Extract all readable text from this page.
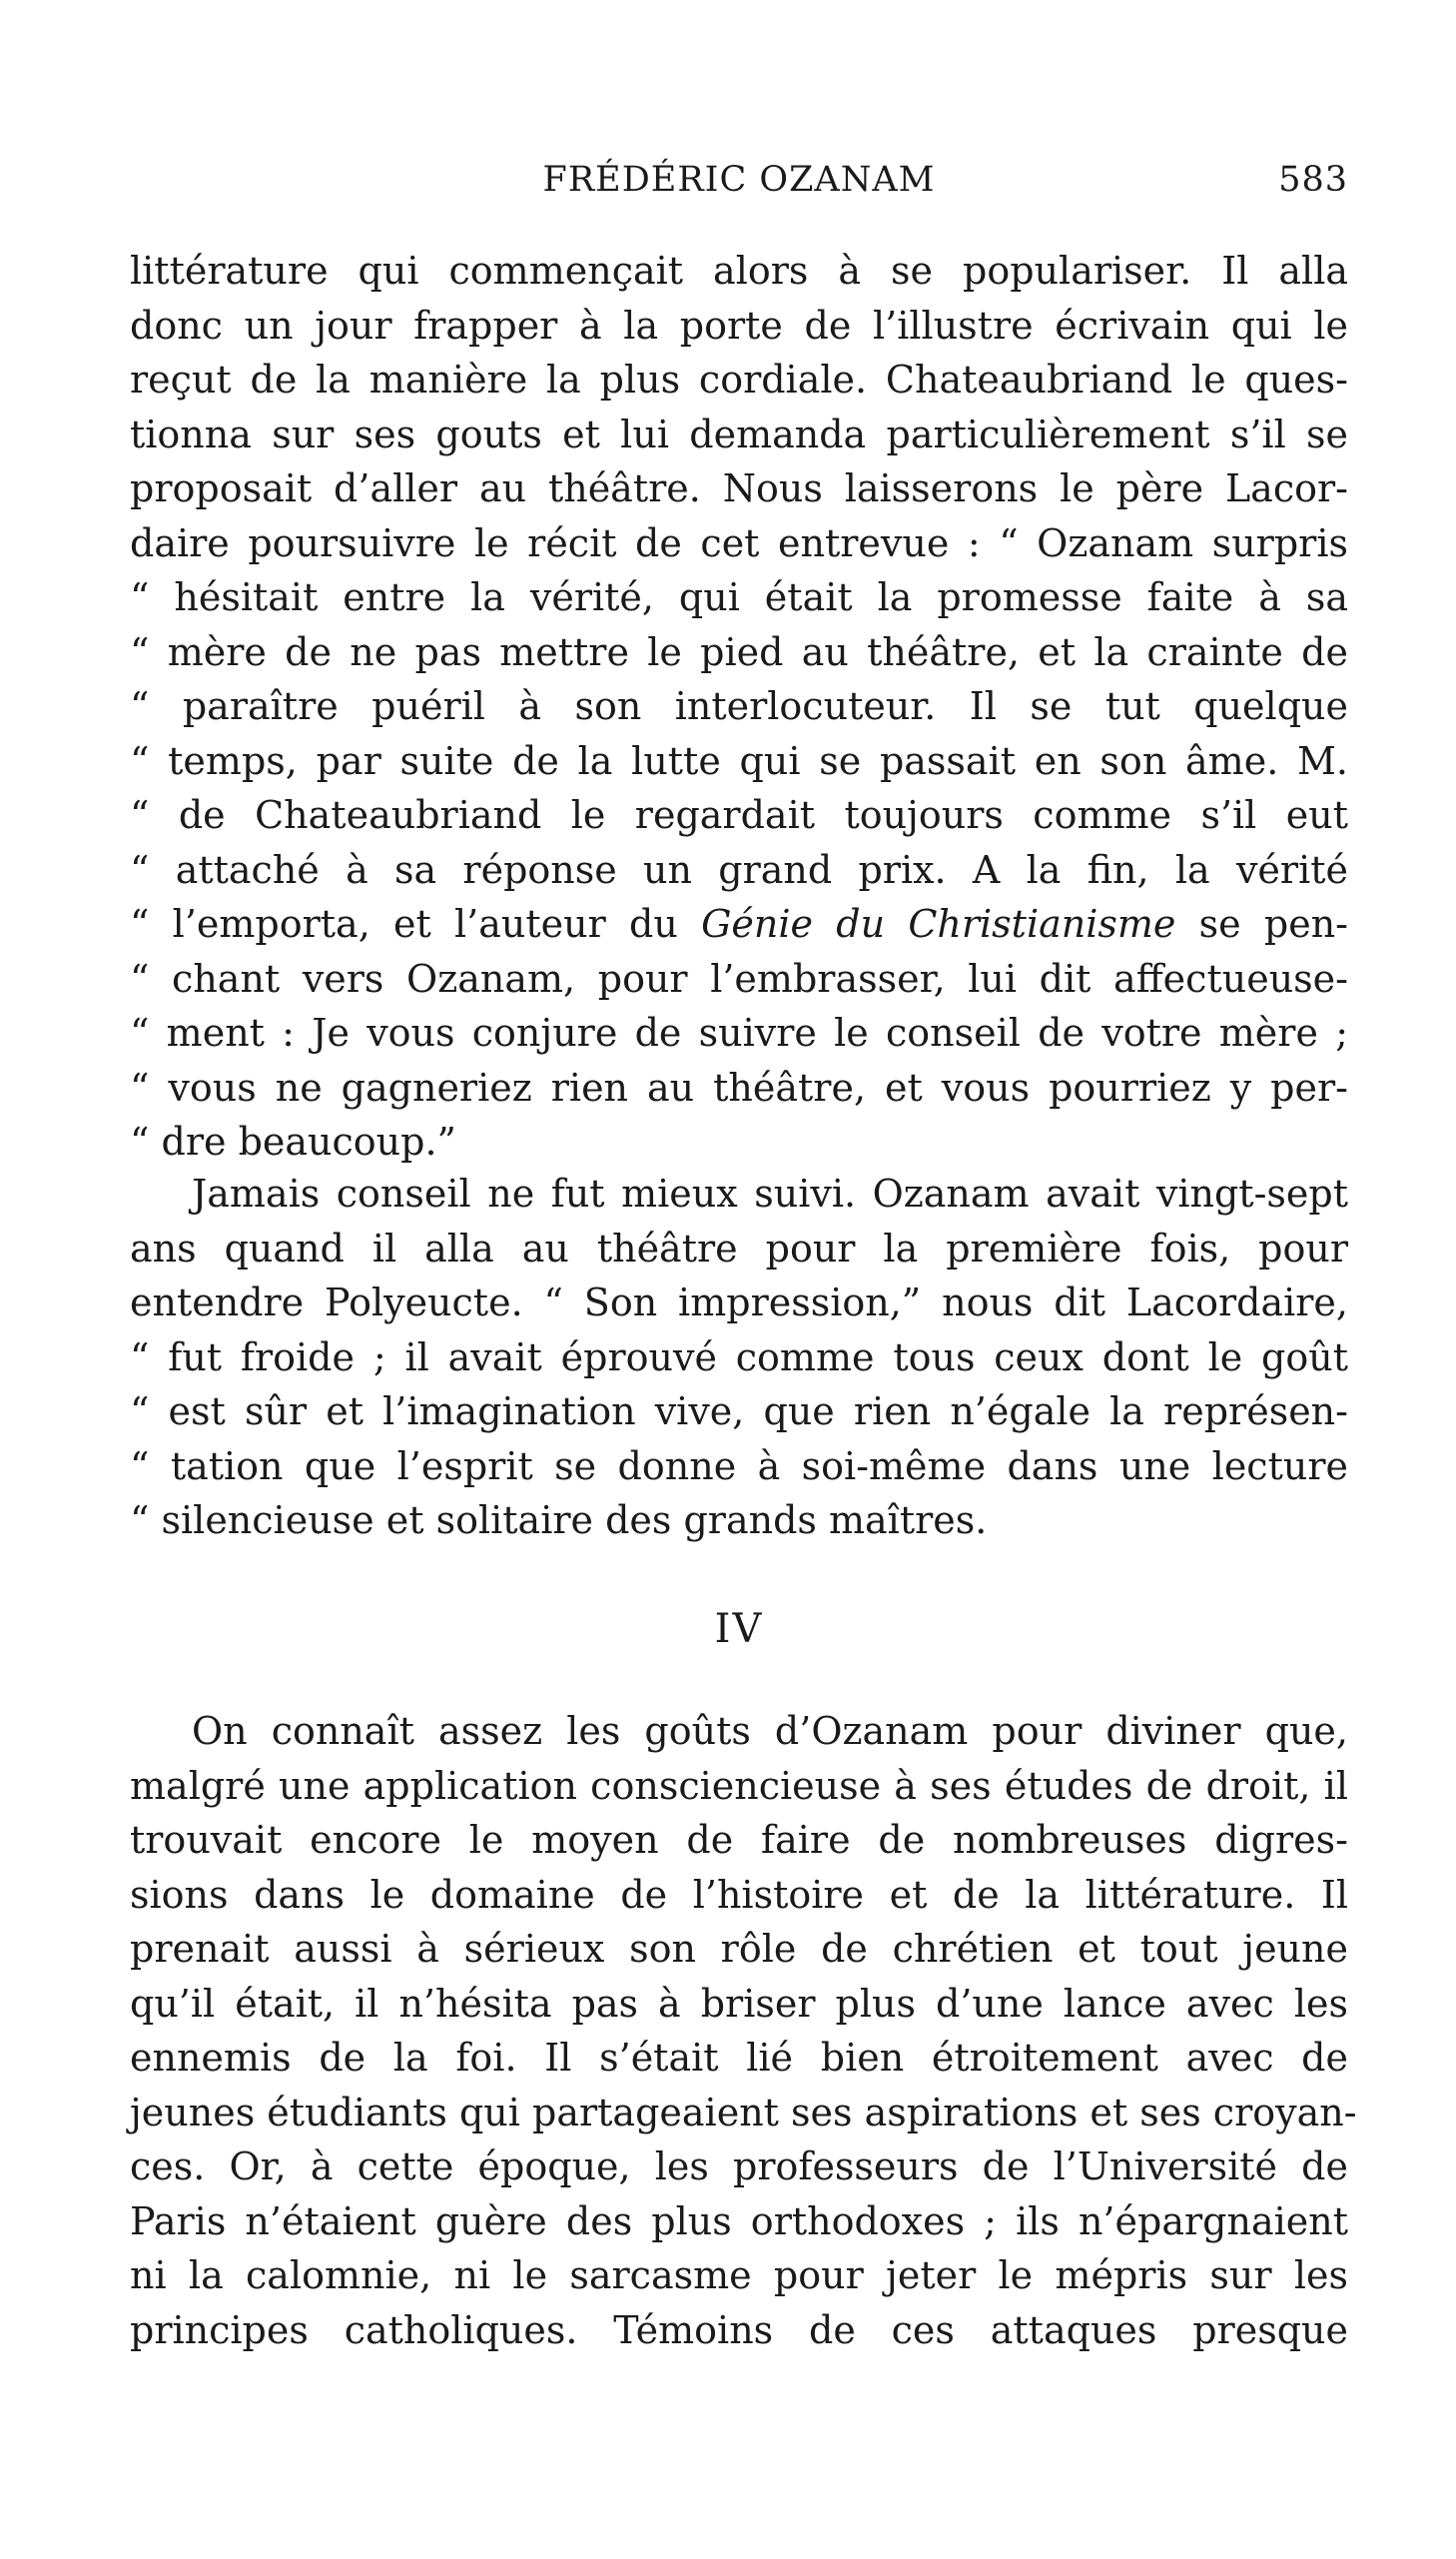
FRÉDÉRIC OZANAM	583
littérature qui commençait alors à se populariser. Il alla
donc un jour frapper à la porte de l’illustre écrivain qui le
reçut de la manière la plus cordiale. Chateaubriand le ques-
tionna sur ses gouts et lui demanda particulièrement s’il se
proposait d’aller au théâtre. Nous laisserons le père Lacor-
daire poursuivre le récit de cet entrevue : “ Ozanam surpris
“ hésitait entre la vérité, qui était la promesse faite à sa
“ mère de ne pas mettre le pied au théâtre, et la crainte de
“ paraître puéril à son interlocuteur. Il se tut quelque
“ temps, par suite de la lutte qui se passait en son âme. M.
“ de Chateaubriand le regardait toujours comme s’il eut
“ attaché à sa réponse un grand prix. A la fin, la vérité
“ l’emporta, et l’auteur du Génie du Christianisme se pen-
“ chant vers Ozanam, pour l’embrasser, lui dit affectueuse-
“ ment : Je vous conjure de suivre le conseil de votre mère ;
“ vous ne gagneriez rien au théâtre, et vous pourriez y per-
“ dre beaucoup.”
Jamais conseil ne fut mieux suivi. Ozanam avait vingt-sept
ans quand il alla au théâtre pour la première fois, pour
entendre Polyeucte. “ Son impression,” nous dit Lacordaire,
“ fut froide ; il avait éprouvé comme tous ceux dont le goût
“ est sûr et l’imagination vive, que rien n’égale la représen-
“ tation que l’esprit se donne à soi-même dans une lecture
“ silencieuse et solitaire des grands maîtres.
IV
On connaît assez les goûts d’Ozanam pour diviner que,
malgré une application consciencieuse à ses études de droit, il
trouvait encore le moyen de faire de nombreuses digres-
sions dans le domaine de l’histoire et de la littérature. Il
prenait aussi à sérieux son rôle de chrétien et tout jeune
qu’il était, il n’hésita pas à briser plus d’une lance avec les
ennemis de la foi. Il s’était lié bien étroitement avec de
jeunes étudiants qui partageaient ses aspirations et ses croyan-
ces. Or, à cette époque, les professeurs de l’Université de
Paris n’étaient guère des plus orthodoxes ; ils n’épargnaient
ni la calomnie, ni le sarcasme pour jeter le mépris sur les
principes catholiques. Témoins de ces attaques presque
